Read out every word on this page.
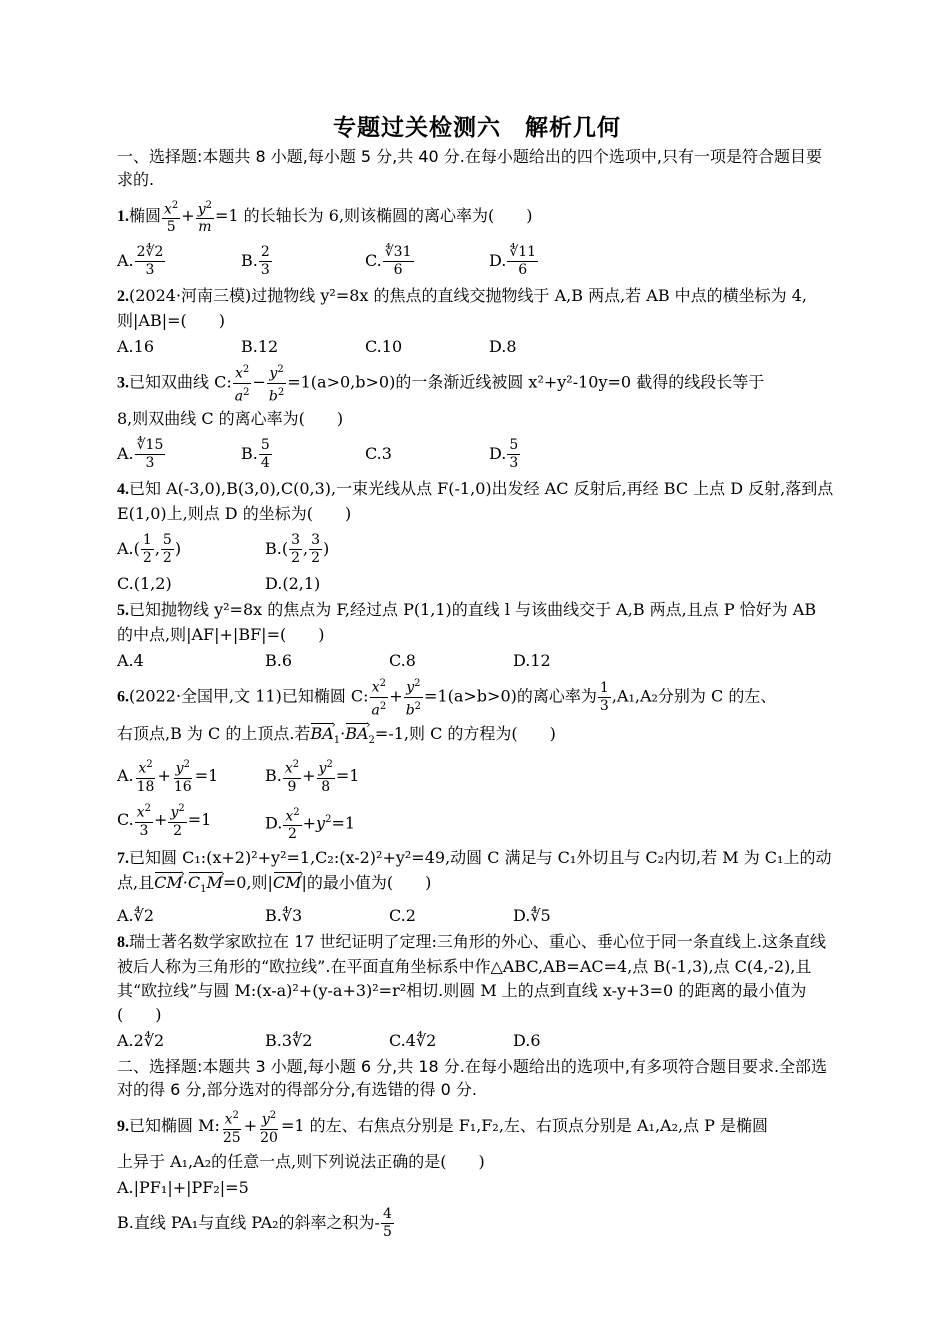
专题过关检测六　解析几何
一、选择题:本题共 8 小题,每小题 5 分,共 40 分.在每小题给出的四个选项中,只有一项是符合题目要求的.
1.椭圆 $\frac{x^2}{5} + \frac{y^2}{m} =1$ 的长轴长为 6,则该椭圆的离心率为(　　)
A. $\frac{2∜2}{3}$	B. $\frac{2}{3}$	C. $\frac{∜31}{6}$	D. $\frac{∜11}{6}$
2.(2024·河南三模)过抛物线 y²=8x 的焦点的直线交抛物线于 A,B 两点,若 AB 中点的横坐标为 4,则|AB|=(　　)
A.16	B.12	C.10	D.8
3.已知双曲线 C: $\frac{x^2}{a^2} - \frac{y^2}{b^2} =1(a>0,b>0)$的一条渐近线被圆 x²+y²-10y=0 截得的线段长等于
8,则双曲线 C 的离心率为(　　)
A. $\frac{∜15}{3}$	B. $\frac{5}{4}$	C.3	D. $\frac{5}{3}$
4.已知 A(-3,0),B(3,0),C(0,3),一束光线从点 F(-1,0)出发经 AC 反射后,再经 BC 上点 D 反射,落到点 E(1,0)上,则点 D 的坐标为(　　)
$A.( \frac{1}{2}$ , $\frac{5}{2}$ )	$B.( \frac{3}{2}$ , $\frac{3}{2}$ )
C.(1,2)	D.(2,1)
5.已知抛物线 y²=8x 的焦点为 F,经过点 P(1,1)的直线 l 与该曲线交于 A,B 两点,且点 P 恰好为 AB 的中点,则|AF|+|BF|=(　　)
A.4	B.6	C.8	D.12
6.(2022·全国甲,文 11)已知椭圆 C: $\frac{x^2}{a^2} + \frac{y^2}{b^2} =1(a>b>0)$的离心率为 $\frac{1}{3} ,A_1,A_2$分别为 C 的左、
右顶点,B 为 C 的上顶点.若BA $›_1\cdot BA$ $›_2=-1$,则 C 的方程为(　　)
A. $\frac{x^2}{18} + \frac{y^2}{16} =1$	B. $\frac{x^2}{9} + \frac{y^2}{8} =1$
C. $\frac{x^2}{3} + \frac{y^2}{2} =1$	D. $\frac{x^2}{2} +y^2=1$
7.已知圆 C₁:(x+2)²+y²=1,C₂:(x-2)²+y²=49,动圆 C 满足与 C₁外切且与 C₂内切,若 M 为 C₁上的动点,且CM $›\cdot C_1M$ ›=0,则|CM ›|的最小值为(　　)
A.∜2	B.∜3	C.2	D.∜5
8.瑞士著名数学家欧拉在 17 世纪证明了定理:三角形的外心、重心、垂心位于同一条直线上.这条直线被后人称为三角形的“欧拉线”.在平面直角坐标系中作△ABC,AB=AC=4,点 B(-1,3),点 C(4,-2),且其“欧拉线”与圆 M:(x-a)²+(y-a+3)²=r²相切.则圆 M 上的点到直线 x-y+3=0 的距离的最小值为(　　)
A.2∜2	B.3∜2	C.4∜2	D.6
二、选择题:本题共 3 小题,每小题 6 分,共 18 分.在每小题给出的选项中,有多项符合题目要求.全部选对的得 6 分,部分选对的得部分分,有选错的得 0 分.
9.已知椭圆 M: $\frac{x^2}{25} + \frac{y^2}{20} =1$ 的左、右焦点分别是 F₁,F₂,左、右顶点分别是 A₁,A₂,点 P 是椭圆
上异于 A₁,A₂的任意一点,则下列说法正确的是(　　)
A.|PF₁|+|PF₂|=5
B.直线 PA₁与直线 PA₂的斜率之积为- $\frac{4}{5}$
